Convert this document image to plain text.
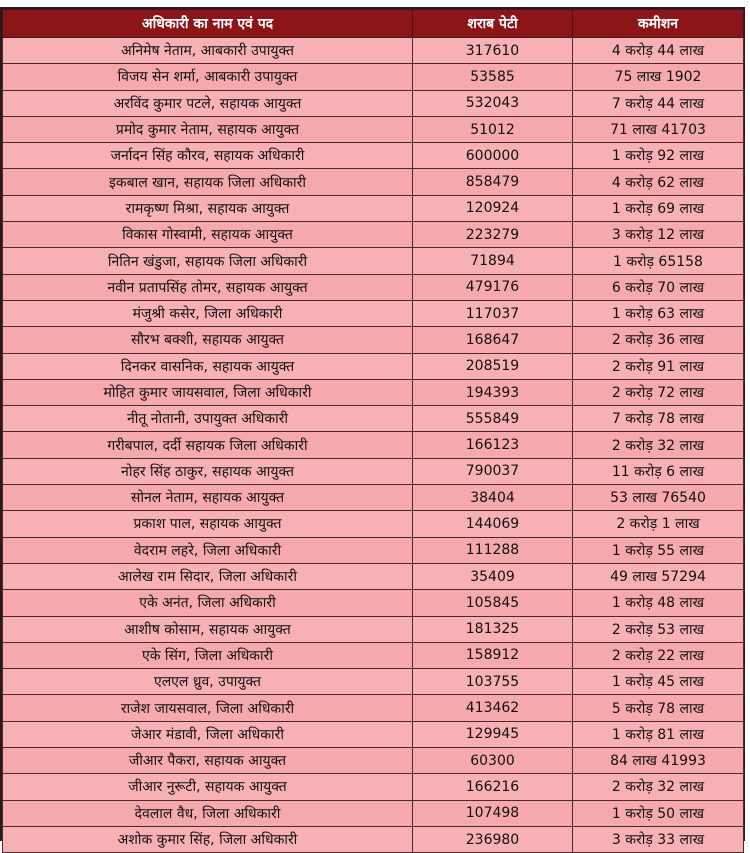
अधिकारी का नाम एवं पद	शराब पेटी	कमीशन
अनिमेष नेताम, आबकारी उपायुक्त	317610	4 करोड़ 44 लाख
विजय सेन शर्मा, आबकारी उपायुक्त	53585	75 लाख 1902
अरविंद कुमार पटले, सहायक आयुक्त	532043	7 करोड़ 44 लाख
प्रमोद कुमार नेताम, सहायक आयुक्त	51012	71 लाख 41703
जर्नादन सिंह कौरव, सहायक अधिकारी	600000	1 करोड़ 92 लाख
इकबाल खान, सहायक जिला अधिकारी	858479	4 करोड़ 62 लाख
रामकृष्ण मिश्रा, सहायक आयुक्त	120924	1 करोड़ 69 लाख
विकास गोस्वामी, सहायक आयुक्त	223279	3 करोड़ 12 लाख
नितिन खंडुजा, सहायक जिला अधिकारी	71894	1 करोड़ 65158
नवीन प्रतापसिंह तोमर, सहायक आयुक्त	479176	6 करोड़ 70 लाख
मंजुश्री कसेर, जिला अधिकारी	117037	1 करोड़ 63 लाख
सौरभ बक्शी, सहायक आयुक्त	168647	2 करोड़ 36 लाख
दिनकर वासनिक, सहायक आयुक्त	208519	2 करोड़ 91 लाख
मोहित कुमार जायसवाल, जिला अधिकारी	194393	2 करोड़ 72 लाख
नीतू नोतानी, उपायुक्त अधिकारी	555849	7 करोड़ 78 लाख
गरीबपाल, दर्दी सहायक जिला अधिकारी	166123	2 करोड़ 32 लाख
नोहर सिंह ठाकुर, सहायक आयुक्त	790037	11 करोड़ 6 लाख
सोनल नेताम, सहायक आयुक्त	38404	53 लाख 76540
प्रकाश पाल, सहायक आयुक्त	144069	2 करोड़ 1 लाख
वेदराम लहरे, जिला अधिकारी	111288	1 करोड़ 55 लाख
आलेख राम सिदार, जिला अधिकारी	35409	49 लाख 57294
एके अनंत, जिला अधिकारी	105845	1 करोड़ 48 लाख
आशीष कोसाम, सहायक आयुक्त	181325	2 करोड़ 53 लाख
एके सिंग, जिला अधिकारी	158912	2 करोड़ 22 लाख
एलएल ध्रुव, उपायुक्त	103755	1 करोड़ 45 लाख
राजेश जायसवाल, जिला अधिकारी	413462	5 करोड़ 78 लाख
जेआर मंडावी, जिला अधिकारी	129945	1 करोड़ 81 लाख
जीआर पैकरा, सहायक आयुक्त	60300	84 लाख 41993
जीआर नुरूटी, सहायक आयुक्त	166216	2 करोड़ 32 लाख
देवलाल वैध, जिला अधिकारी	107498	1 करोड़ 50 लाख
अशोक कुमार सिंह, जिला अधिकारी	236980	3 करोड़ 33 लाख
